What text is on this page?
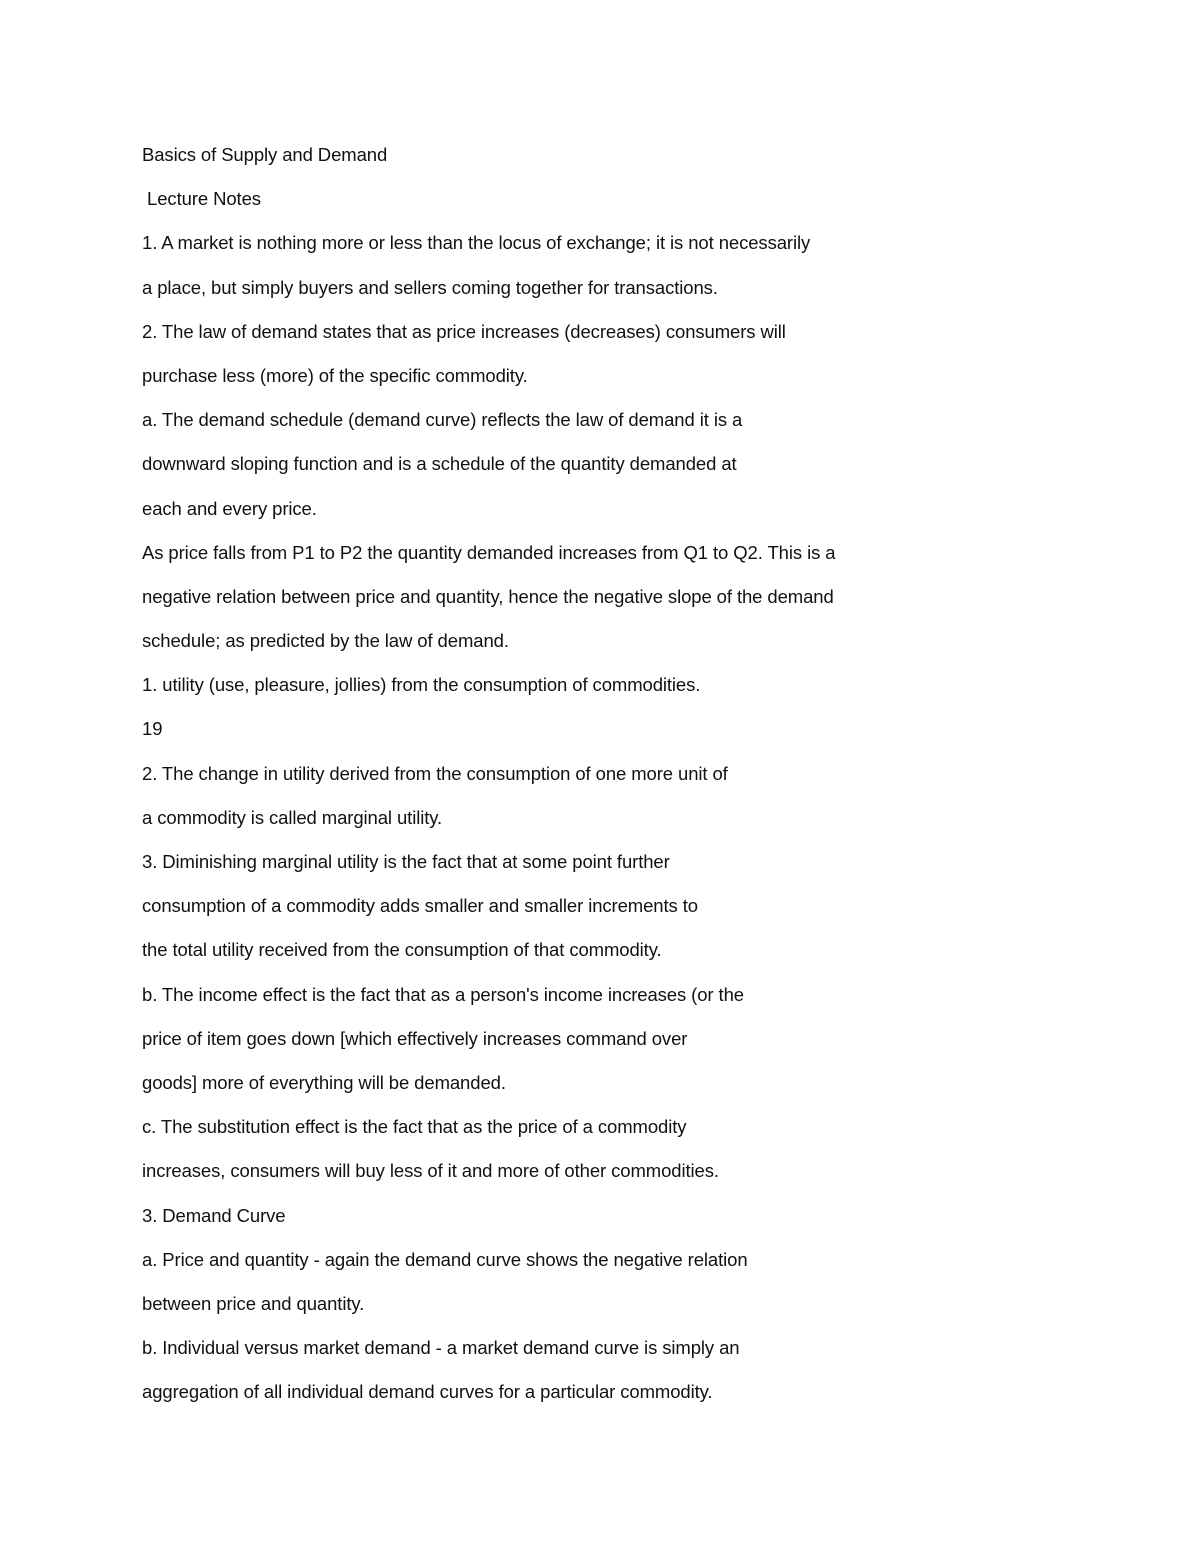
Basics of Supply and Demand
Lecture Notes
1. A market is nothing more or less than the locus of exchange; it is not necessarily
a place, but simply buyers and sellers coming together for transactions.
2. The law of demand states that as price increases (decreases) consumers will
purchase less (more) of the specific commodity.
a. The demand schedule (demand curve) reflects the law of demand it is a
downward sloping function and is a schedule of the quantity demanded at
each and every price.
As price falls from P1 to P2 the quantity demanded increases from Q1 to Q2. This is a
negative relation between price and quantity, hence the negative slope of the demand
schedule; as predicted by the law of demand.
1. utility (use, pleasure, jollies) from the consumption of commodities.
19
2. The change in utility derived from the consumption of one more unit of
a commodity is called marginal utility.
3. Diminishing marginal utility is the fact that at some point further
consumption of a commodity adds smaller and smaller increments to
the total utility received from the consumption of that commodity.
b. The income effect is the fact that as a person's income increases (or the
price of item goes down [which effectively increases command over
goods] more of everything will be demanded.
c. The substitution effect is the fact that as the price of a commodity
increases, consumers will buy less of it and more of other commodities.
3. Demand Curve
a. Price and quantity - again the demand curve shows the negative relation
between price and quantity.
b. Individual versus market demand - a market demand curve is simply an
aggregation of all individual demand curves for a particular commodity.
